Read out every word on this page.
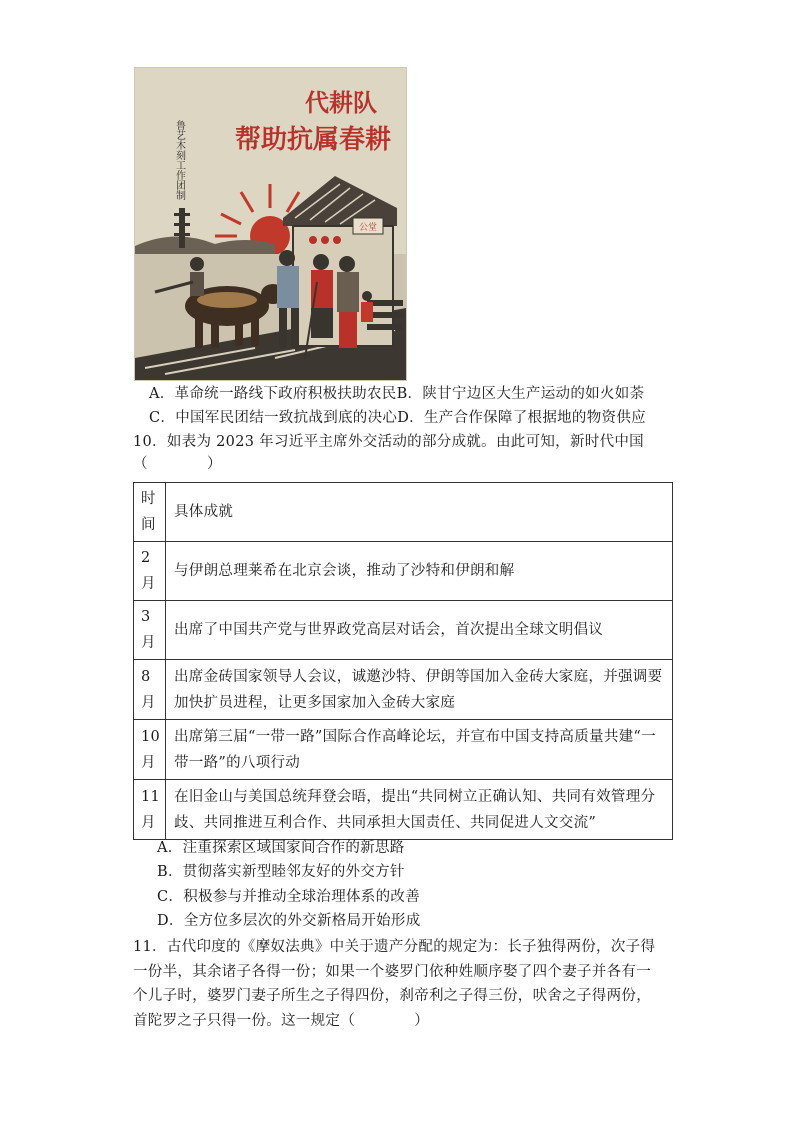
代耕队
帮助抗属春耕
鲁艺木刻工作团制
公堂
A．革命统一路线下政府积极扶助农民B．陕甘宁边区大生产运动的如火如荼
C．中国军民团结一致抗战到底的决心D．生产合作保障了根据地的物资供应
10．如表为 2023 年习近平主席外交活动的部分成就。由此可知，新时代中国
（　　　　）
时间	具体成就
2月	与伊朗总理莱希在北京会谈，推动了沙特和伊朗和解
3月	出席了中国共产党与世界政党高层对话会，首次提出全球文明倡议
8月	出席金砖国家领导人会议，诚邀沙特、伊朗等国加入金砖大家庭，并强调要加快扩员进程，让更多国家加入金砖大家庭
10月	出席第三届“一带一路”国际合作高峰论坛，并宣布中国支持高质量共建“一带一路”的八项行动
11月	在旧金山与美国总统拜登会晤，提出“共同树立正确认知、共同有效管理分歧、共同推进互利合作、共同承担大国责任、共同促进人文交流”
A．注重探索区域国家间合作的新思路
B．贯彻落实新型睦邻友好的外交方针
C．积极参与并推动全球治理体系的改善
D．全方位多层次的外交新格局开始形成
11．古代印度的《摩奴法典》中关于遗产分配的规定为：长子独得两份，次子得
一份半，其余诸子各得一份；如果一个婆罗门依种姓顺序娶了四个妻子并各有一
个儿子时，婆罗门妻子所生之子得四份，刹帝利之子得三份，吠舍之子得两份，
首陀罗之子只得一份。这一规定（　　　　）
